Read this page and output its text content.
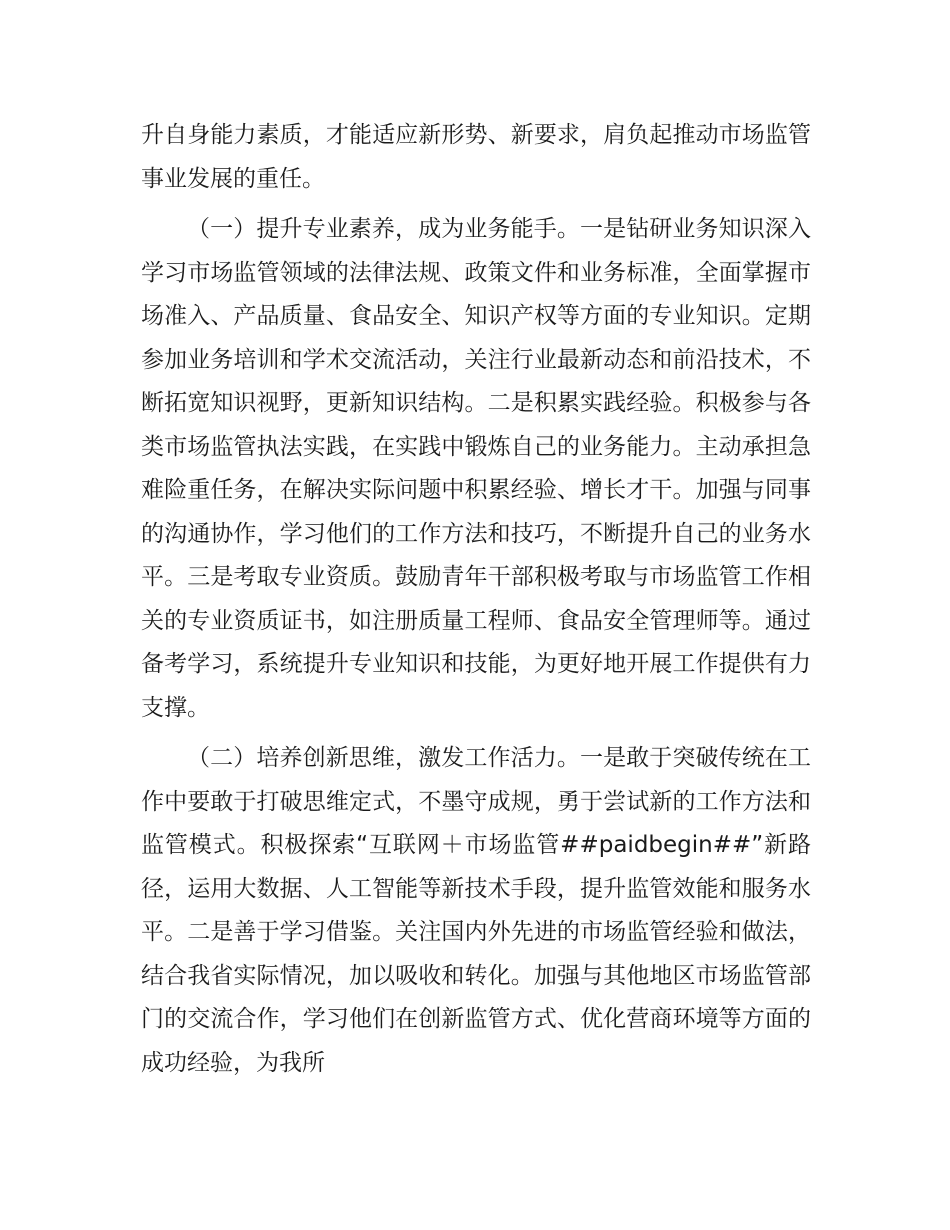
升自身能力素质，才能适应新形势、新要求，肩负起推动市场监管事业发展的重任。

（一）提升专业素养，成为业务能手。一是钻研业务知识深入学习市场监管领域的法律法规、政策文件和业务标准，全面掌握市场准入、产品质量、食品安全、知识产权等方面的专业知识。定期参加业务培训和学术交流活动，关注行业最新动态和前沿技术，不断拓宽知识视野，更新知识结构。二是积累实践经验。积极参与各类市场监管执法实践，在实践中锻炼自己的业务能力。主动承担急难险重任务，在解决实际问题中积累经验、增长才干。加强与同事的沟通协作，学习他们的工作方法和技巧，不断提升自己的业务水平。三是考取专业资质。鼓励青年干部积极考取与市场监管工作相关的专业资质证书，如注册质量工程师、食品安全管理师等。通过备考学习，系统提升专业知识和技能，为更好地开展工作提供有力支撑。

（二）培养创新思维，激发工作活力。一是敢于突破传统在工作中要敢于打破思维定式，不墨守成规，勇于尝试新的工作方法和监管模式。积极探索“互联网＋市场监管##paidbegin##”新路径，运用大数据、人工智能等新技术手段，提升监管效能和服务水平。二是善于学习借鉴。关注国内外先进的市场监管经验和做法，结合我省实际情况，加以吸收和转化。加强与其他地区市场监管部门的交流合作，学习他们在创新监管方式、优化营商环境等方面的成功经验，为我所
